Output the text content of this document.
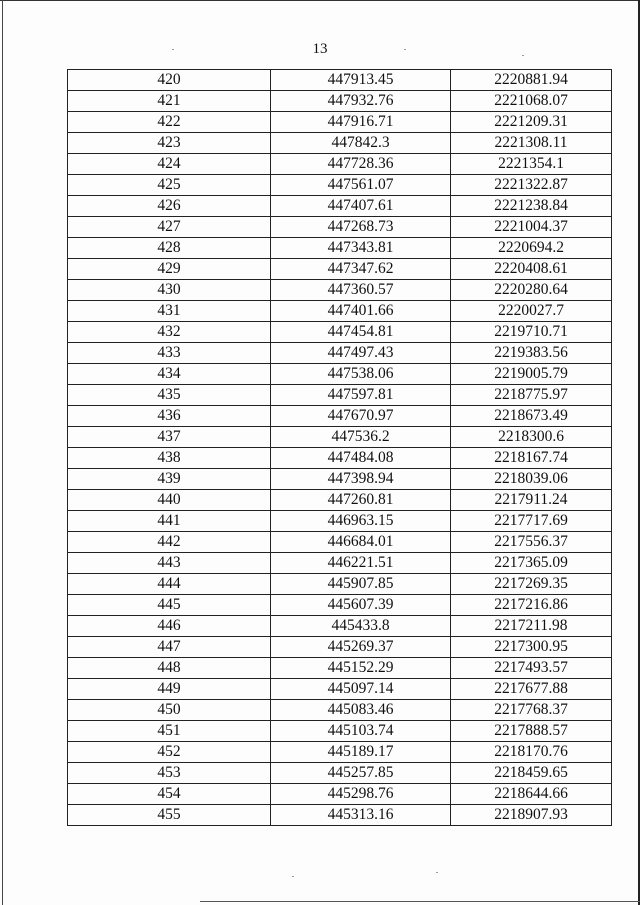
13
420	447913.45	2220881.94
421	447932.76	2221068.07
422	447916.71	2221209.31
423	447842.3	2221308.11
424	447728.36	2221354.1
425	447561.07	2221322.87
426	447407.61	2221238.84
427	447268.73	2221004.37
428	447343.81	2220694.2
429	447347.62	2220408.61
430	447360.57	2220280.64
431	447401.66	2220027.7
432	447454.81	2219710.71
433	447497.43	2219383.56
434	447538.06	2219005.79
435	447597.81	2218775.97
436	447670.97	2218673.49
437	447536.2	2218300.6
438	447484.08	2218167.74
439	447398.94	2218039.06
440	447260.81	2217911.24
441	446963.15	2217717.69
442	446684.01	2217556.37
443	446221.51	2217365.09
444	445907.85	2217269.35
445	445607.39	2217216.86
446	445433.8	2217211.98
447	445269.37	2217300.95
448	445152.29	2217493.57
449	445097.14	2217677.88
450	445083.46	2217768.37
451	445103.74	2217888.57
452	445189.17	2218170.76
453	445257.85	2218459.65
454	445298.76	2218644.66
455	445313.16	2218907.93
